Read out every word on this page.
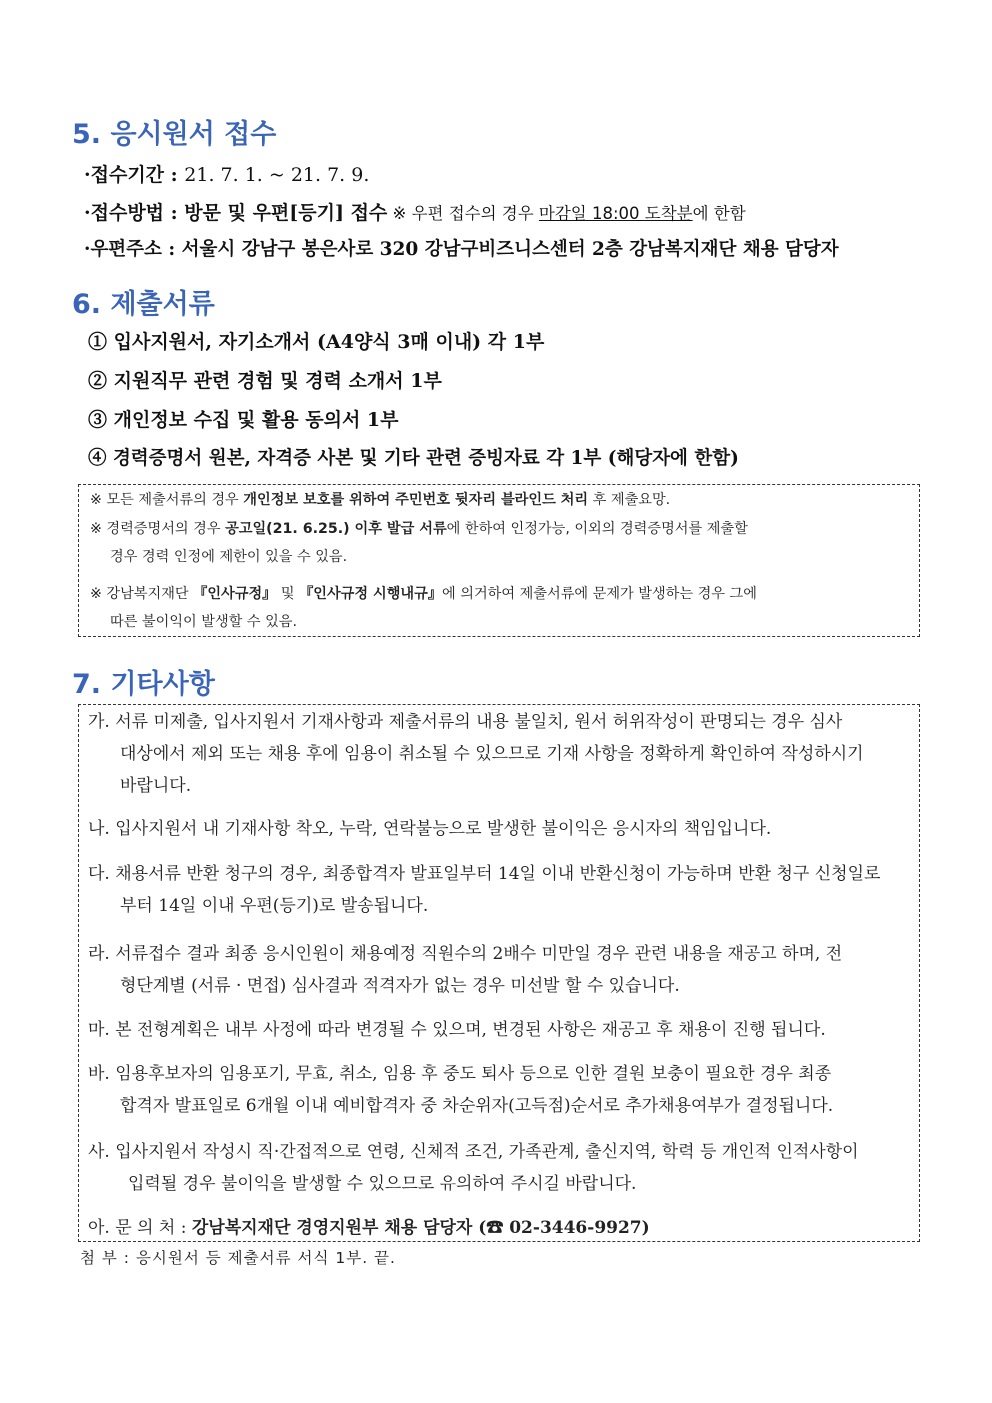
5. 응시원서 접수
·접수기간 : 21. 7. 1. ~ 21. 7. 9.
·접수방법 : 방문 및 우편[등기] 접수 ※ 우편 접수의 경우 마감일 18:00 도착분에 한함
·우편주소 : 서울시 강남구 봉은사로 320 강남구비즈니스센터 2층 강남복지재단 채용 담당자
6. 제출서류
① 입사지원서, 자기소개서 (A4양식 3매 이내) 각 1부
② 지원직무 관련 경험 및 경력 소개서 1부
③ 개인정보 수집 및 활용 동의서 1부
④ 경력증명서 원본, 자격증 사본 및 기타 관련 증빙자료 각 1부 (해당자에 한함)
※ 모든 제출서류의 경우 개인정보 보호를 위하여 주민번호 뒷자리 블라인드 처리 후 제출요망.
※ 경력증명서의 경우 공고일(21. 6.25.) 이후 발급 서류에 한하여 인정가능, 이외의 경력증명서를 제출할
경우 경력 인정에 제한이 있을 수 있음.
※ 강남복지재단 『인사규정』 및 『인사규정 시행내규』에 의거하여 제출서류에 문제가 발생하는 경우 그에
따른 불이익이 발생할 수 있음.
7. 기타사항
가. 서류 미제출, 입사지원서 기재사항과 제출서류의 내용 불일치, 원서 허위작성이 판명되는 경우 심사
대상에서 제외 또는 채용 후에 임용이 취소될 수 있으므로 기재 사항을 정확하게 확인하여 작성하시기
바랍니다.
나. 입사지원서 내 기재사항 착오, 누락, 연락불능으로 발생한 불이익은 응시자의 책임입니다.
다. 채용서류 반환 청구의 경우, 최종합격자 발표일부터 14일 이내 반환신청이 가능하며 반환 청구 신청일로
부터 14일 이내 우편(등기)로 발송됩니다.
라. 서류접수 결과 최종 응시인원이 채용예정 직원수의 2배수 미만일 경우 관련 내용을 재공고 하며, 전
형단계별 (서류 · 면접) 심사결과 적격자가 없는 경우 미선발 할 수 있습니다.
마. 본 전형계획은 내부 사정에 따라 변경될 수 있으며, 변경된 사항은 재공고 후 채용이 진행 됩니다.
바. 임용후보자의 임용포기, 무효, 취소, 임용 후 중도 퇴사 등으로 인한 결원 보충이 필요한 경우 최종
합격자 발표일로 6개월 이내 예비합격자 중 차순위자(고득점)순서로 추가채용여부가 결정됩니다.
사. 입사지원서 작성시 직·간접적으로 연령, 신체적 조건, 가족관계, 출신지역, 학력 등 개인적 인적사항이
입력될 경우 불이익을 발생할 수 있으므로 유의하여 주시길 바랍니다.
아. 문 의 처 : 강남복지재단 경영지원부 채용 담당자 (☎ 02-3446-9927)
첨 부 : 응시원서 등 제출서류 서식 1부. 끝.
